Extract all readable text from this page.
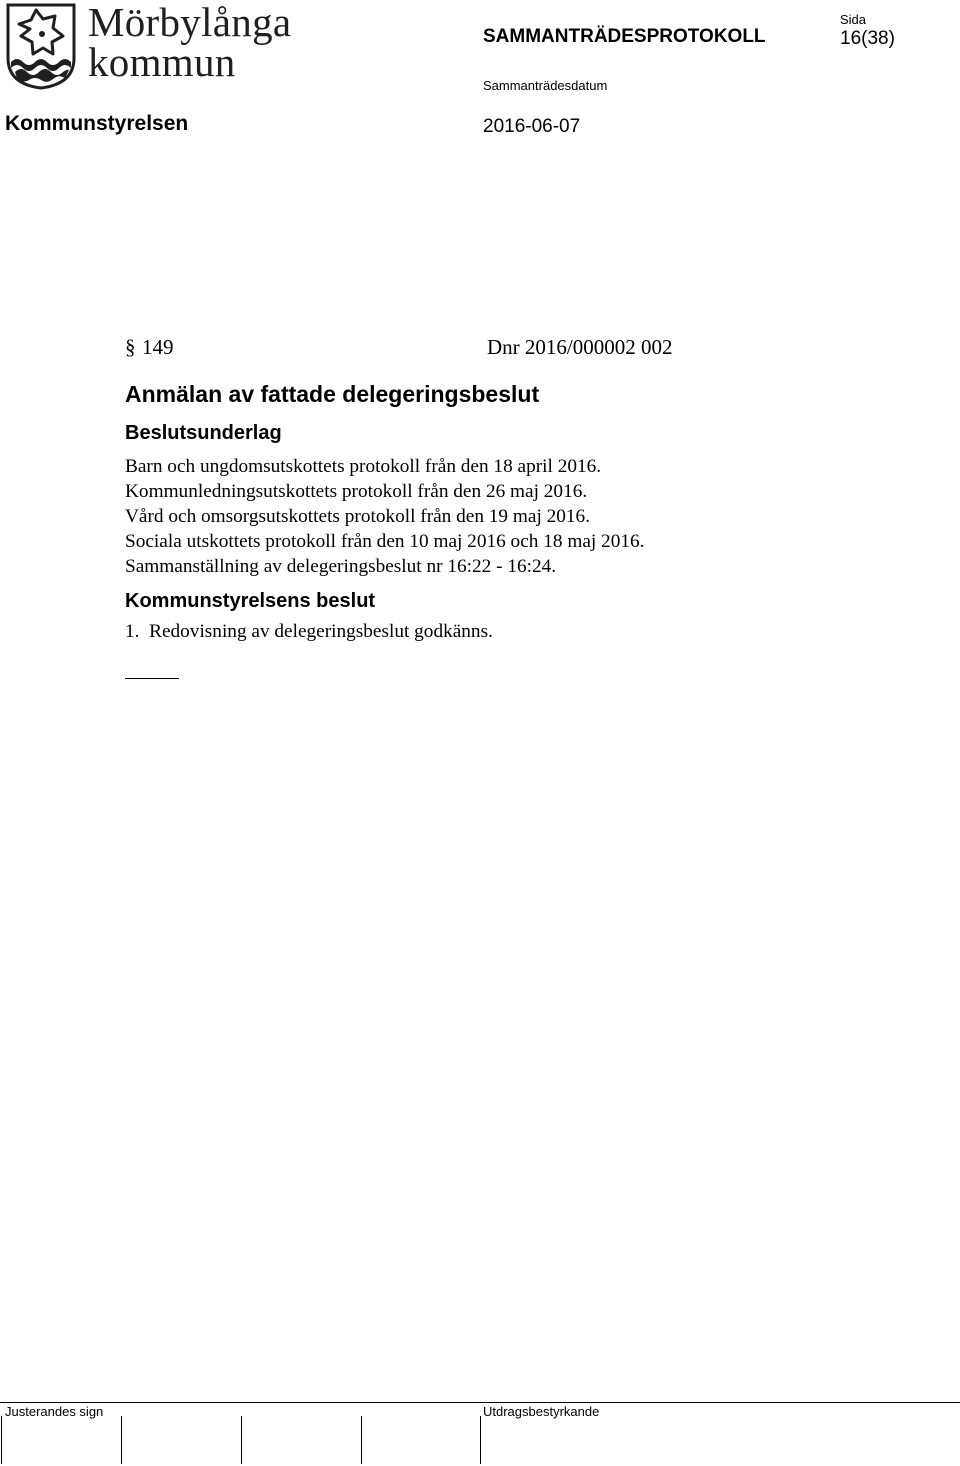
Mörbylånga
kommun
SAMMANTRÄDESPROTOKOLL
Sida
16(38)
Sammanträdesdatum
Kommunstyrelsen	2016-06-07
§ 149	Dnr 2016/000002 002
Anmälan av fattade delegeringsbeslut
Beslutsunderlag
Barn och ungdomsutskottets protokoll från den 18 april 2016.
Kommunledningsutskottets protokoll från den 26 maj 2016.
Vård och omsorgsutskottets protokoll från den 19 maj 2016.
Sociala utskottets protokoll från den 10 maj 2016 och 18 maj 2016.
Sammanställning av delegeringsbeslut nr 16:22 - 16:24.
Kommunstyrelsens beslut
1.  Redovisning av delegeringsbeslut godkänns.
Justerandes sign	Utdragsbestyrkande
